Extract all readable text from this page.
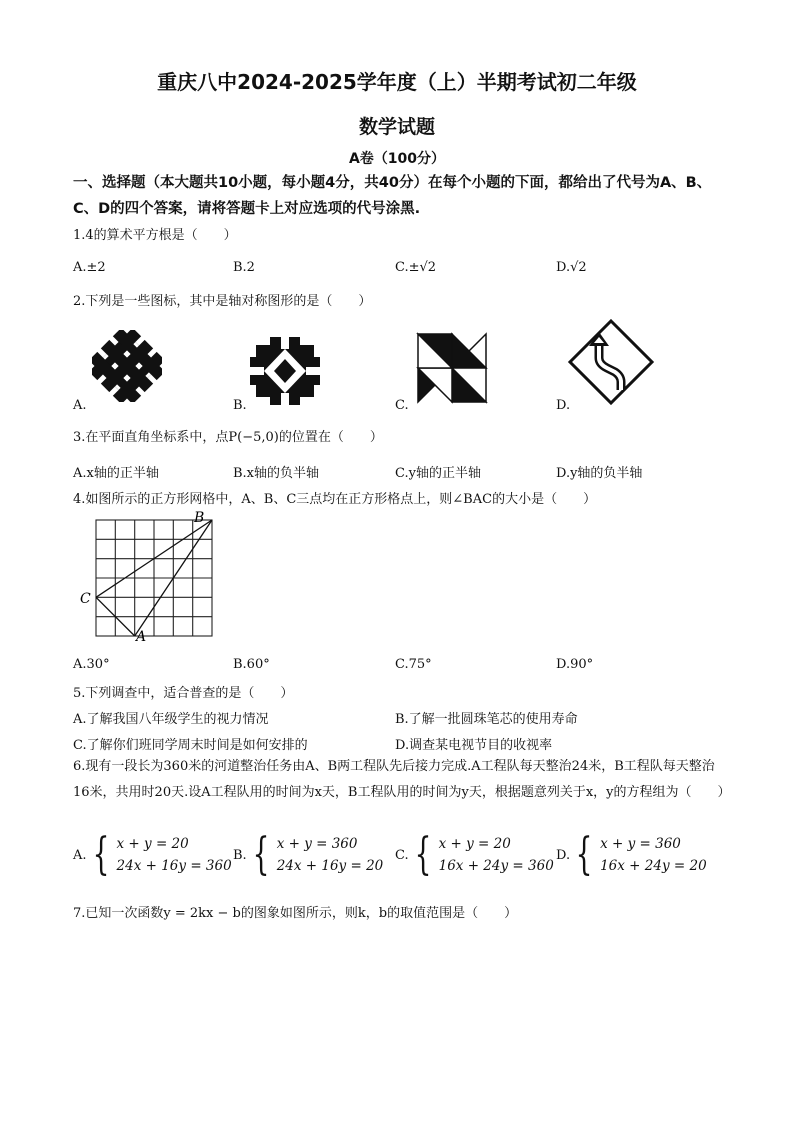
重庆八中2024-2025学年度（上）半期考试初二年级
数学试题
A卷（100分）
一、选择题（本大题共10小题，每小题4分，共40分）在每个小题的下面，都给出了代号为A、B、C、D的四个答案，请将答题卡上对应选项的代号涂黑.
1.4的算术平方根是（　　）
A.±2	B.2	C.±√2	D.√2
2.下列是一些图标，其中是轴对称图形的是（　　）
A.	B.	C.	D.
3.在平面直角坐标系中，点P(−5,0)的位置在（　　）
A.x轴的正半轴	B.x轴的负半轴	C.y轴的正半轴	D.y轴的负半轴
4.如图所示的正方形网格中，A、B、C三点均在正方形格点上，则∠BAC的大小是（　　）
B
C
A
A.30°	B.60°	C.75°	D.90°
5.下列调查中，适合普查的是（　　）
A.了解我国八年级学生的视力情况	B.了解一批圆珠笔芯的使用寿命
C.了解你们班同学周末时间是如何安排的	D.调查某电视节目的收视率
6.现有一段长为360米的河道整治任务由A、B两工程队先后接力完成.A工程队每天整治24米，B工程队每天整治16米，共用时20天.设A工程队用的时间为x天，B工程队用的时间为y天，根据题意列关于x，y的方程组为（　　）
A. { x + y = 20
24x + 16y = 360
B. { x + y = 360
24x + 16y = 20
C. { x + y = 20
16x + 24y = 360
D. { x + y = 360
16x + 24y = 20
7.已知一次函数y = 2kx − b的图象如图所示，则k，b的取值范围是（　　）
